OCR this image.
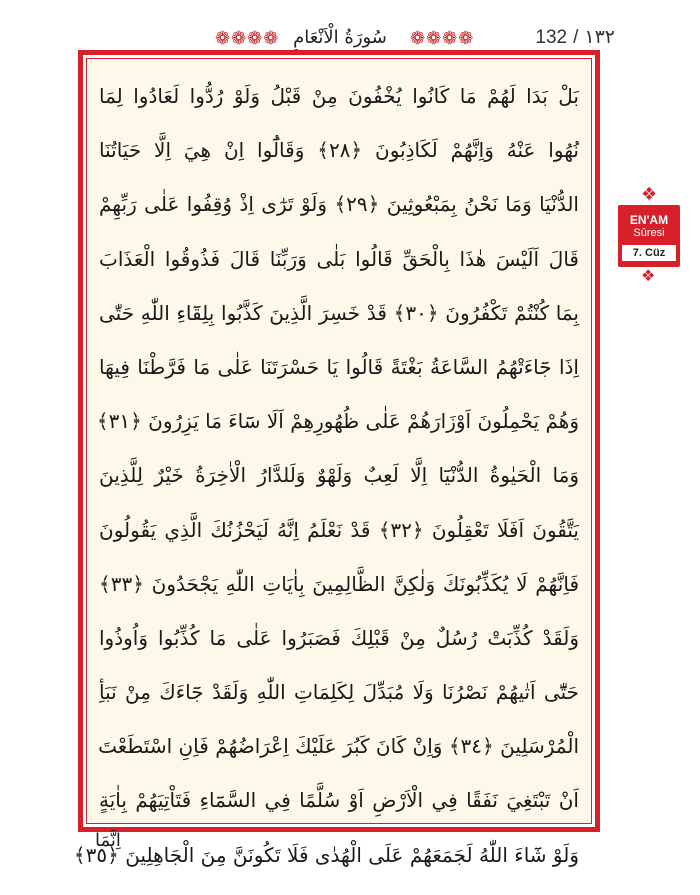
❁❁❁❁ سُورَةُ الْاَنْعَامِ	❁❁❁❁	132 / ١٣٢
بَلْ بَدَا لَهُمْ مَا كَانُوا يُخْفُونَ مِنْ قَبْلُ وَلَوْ رُدُّوا لَعَادُوا لِمَا
نُهُوا عَنْهُ وَاِنَّهُمْ لَكَاذِبُونَ ﴿٢٨﴾ وَقَالُٓوا اِنْ هِيَ اِلَّا حَيَاتُنَا
الدُّنْيَا وَمَا نَحْنُ بِمَبْعُوثِينَ ﴿٢٩﴾ وَلَوْ تَرٰٓى اِذْ وُقِفُوا عَلٰى رَبِّهِمْ
قَالَ اَلَيْسَ هٰذَا بِالْحَقِّ قَالُوا بَلٰى وَرَبِّنَا قَالَ فَذُوقُوا الْعَذَابَ
بِمَا كُنْتُمْ تَكْفُرُونَ ﴿٣٠﴾ قَدْ خَسِرَ الَّذِينَ كَذَّبُوا بِلِقَٓاءِ اللّٰهِ حَتّٰى
اِذَا جَٓاءَتْهُمُ السَّاعَةُ بَغْتَةً قَالُوا يَا حَسْرَتَنَا عَلٰى مَا فَرَّطْنَا فِيهَا
وَهُمْ يَحْمِلُونَ اَوْزَارَهُمْ عَلٰى ظُهُورِهِمْ اَلَا سَٓاءَ مَا يَزِرُونَ ﴿٣١﴾
وَمَا الْحَيٰوةُ الدُّنْيَٓا اِلَّا لَعِبٌ وَلَهْوٌ وَلَلدَّارُ الْاٰخِرَةُ خَيْرٌ لِلَّذِينَ
يَتَّقُونَ اَفَلَا تَعْقِلُونَ ﴿٣٢﴾ قَدْ نَعْلَمُ اِنَّهُ لَيَحْزُنُكَ الَّذِي يَقُولُونَ
فَاِنَّهُمْ لَا يُكَذِّبُونَكَ وَلٰكِنَّ الظَّالِمِينَ بِاٰيَاتِ اللّٰهِ يَجْحَدُونَ ﴿٣٣﴾
وَلَقَدْ كُذِّبَتْ رُسُلٌ مِنْ قَبْلِكَ فَصَبَرُوا عَلٰى مَا كُذِّبُوا وَاُوذُوا
حَتّٰٓى اَتٰيهُمْ نَصْرُنَا وَلَا مُبَدِّلَ لِكَلِمَاتِ اللّٰهِ وَلَقَدْ جَٓاءَكَ مِنْ نَبَأِ
الْمُرْسَلِينَ ﴿٣٤﴾ وَاِنْ كَانَ كَبُرَ عَلَيْكَ اِعْرَاضُهُمْ فَاِنِ اسْتَطَعْتَ
اَنْ تَبْتَغِيَ نَفَقًا فِي الْاَرْضِ اَوْ سُلَّمًا فِي السَّمَٓاءِ فَتَاْتِيَهُمْ بِاٰيَةٍ
وَلَوْ شَٓاءَ اللّٰهُ لَجَمَعَهُمْ عَلَى الْهُدٰى فَلَا تَكُونَنَّ مِنَ الْجَاهِلِينَ ﴿٣٥﴾
❖
EN'AM
Sûresi
7. Cüz
❖
اِنَّمَا
